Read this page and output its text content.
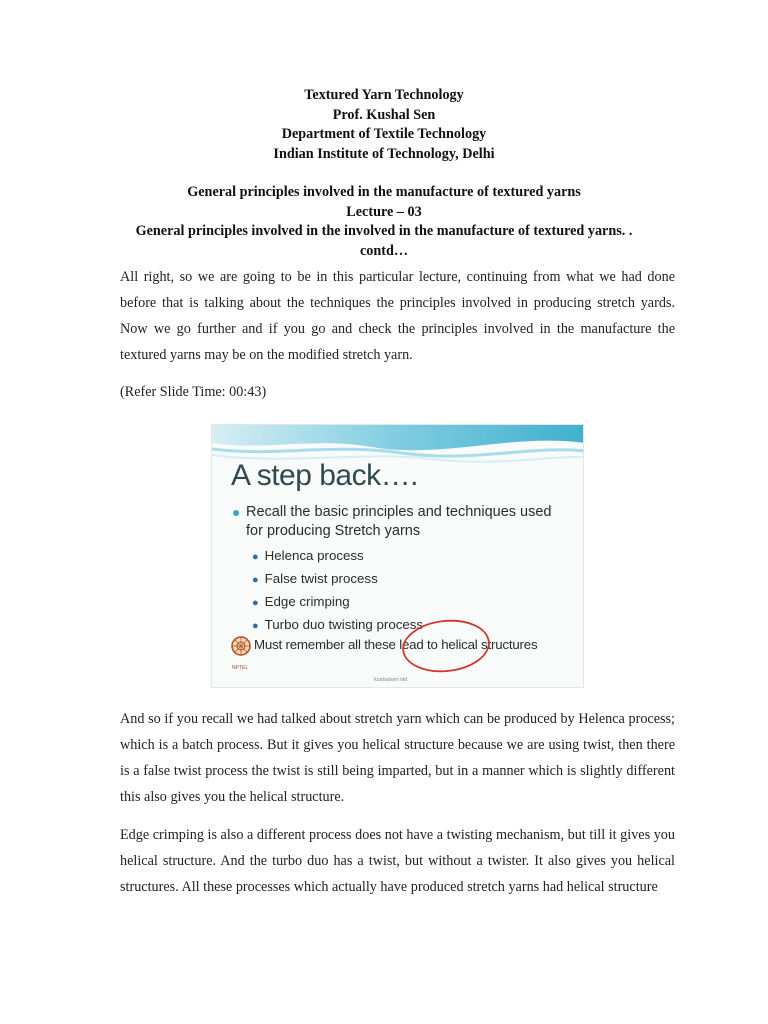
Textured Yarn Technology
Prof. Kushal Sen
Department of Textile Technology
Indian Institute of Technology, Delhi
General principles involved in the manufacture of textured yarns
Lecture – 03
General principles involved in the involved in the manufacture of textured yarns. .
contd…
All right, so we are going to be in this particular lecture, continuing from what we had done before that is talking about the techniques the principles involved in producing stretch yards. Now we go further and if you go and check the principles involved in the manufacture the textured yarns may be on the modified stretch yarn.
(Refer Slide Time: 00:43)
A step back….
● Recall the basic principles and techniques used for producing Stretch yarns
● Helenca process
● False twist process
● Edge crimping
● Turbo duo twisting process
Must remember all these lead to helical structures
NPTEL
kushalsen iitd
And so if you recall we had talked about stretch yarn which can be produced by Helenca process; which is a batch process. But it gives you helical structure because we are using twist, then there is a false twist process the twist is still being imparted, but in a manner which is slightly different this also gives you the helical structure.
Edge crimping is also a different process does not have a twisting mechanism, but till it gives you helical structure. And the turbo duo has a twist, but without a twister. It also gives you helical structures. All these processes which actually have produced stretch yarns had helical structure
